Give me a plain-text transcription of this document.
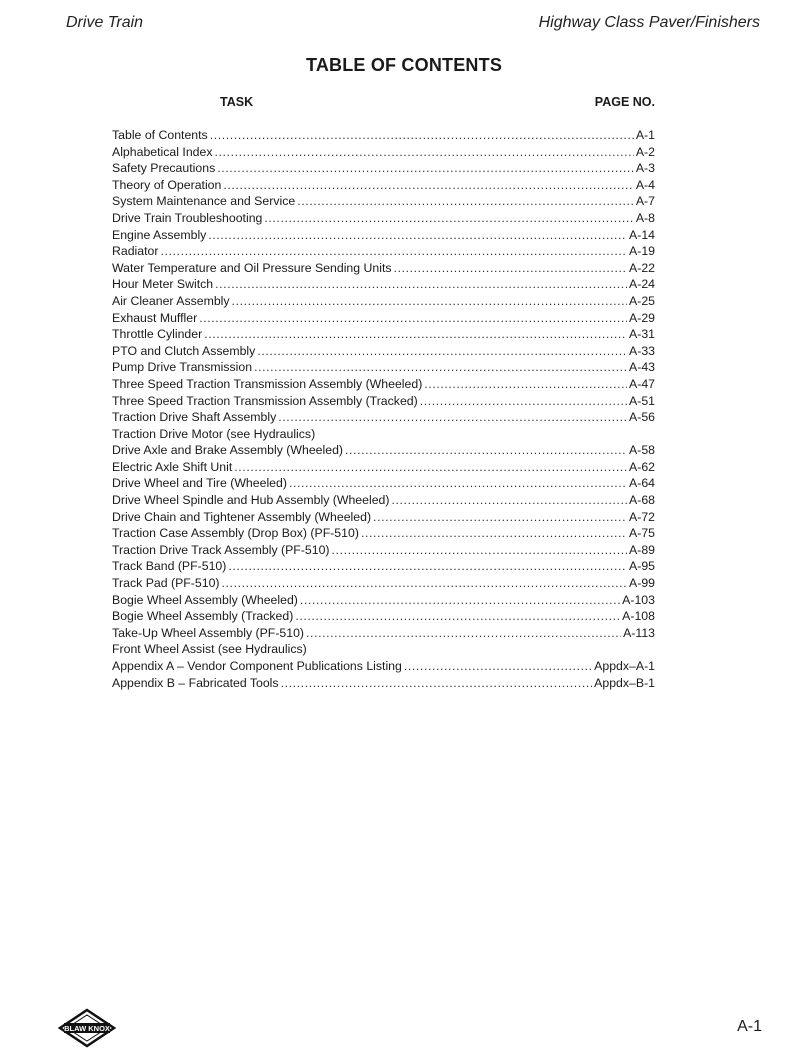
Drive Train	Highway Class Paver/Finishers
TABLE OF CONTENTS
TASK	PAGE NO.
Table of Contents .....	A-1
Alphabetical Index .....	A-2
Safety Precautions .....	A-3
Theory of Operation .....	A-4
System Maintenance and Service .....	A-7
Drive Train Troubleshooting .....	A-8
Engine Assembly .....	A-14
Radiator .....	A-19
Water Temperature and Oil Pressure Sending Units .....	A-22
Hour Meter Switch .....	A-24
Air Cleaner Assembly .....	A-25
Exhaust Muffler .....	A-29
Throttle Cylinder .....	A-31
PTO and Clutch Assembly .....	A-33
Pump Drive Transmission .....	A-43
Three Speed Traction Transmission Assembly (Wheeled) .....	A-47
Three Speed Traction Transmission Assembly (Tracked) .....	A-51
Traction Drive Shaft Assembly .....	A-56
Traction Drive Motor (see Hydraulics)
Drive Axle and Brake Assembly (Wheeled) .....	A-58
Electric Axle Shift Unit .....	A-62
Drive Wheel and Tire (Wheeled) .....	A-64
Drive Wheel Spindle and Hub Assembly (Wheeled) .....	A-68
Drive Chain and Tightener Assembly (Wheeled) .....	A-72
Traction Case Assembly (Drop Box) (PF-510) .....	A-75
Traction Drive Track Assembly (PF-510) .....	A-89
Track Band (PF-510) .....	A-95
Track Pad (PF-510) .....	A-99
Bogie Wheel Assembly (Wheeled) .....	A-103
Bogie Wheel Assembly (Tracked) .....	A-108
Take-Up Wheel Assembly (PF-510) .....	A-113
Front Wheel Assist (see Hydraulics)
Appendix A – Vendor Component Publications Listing .....	Appdx–A-1
Appendix B – Fabricated Tools .....	Appdx–B-1
BLAW KNOX	A-1
